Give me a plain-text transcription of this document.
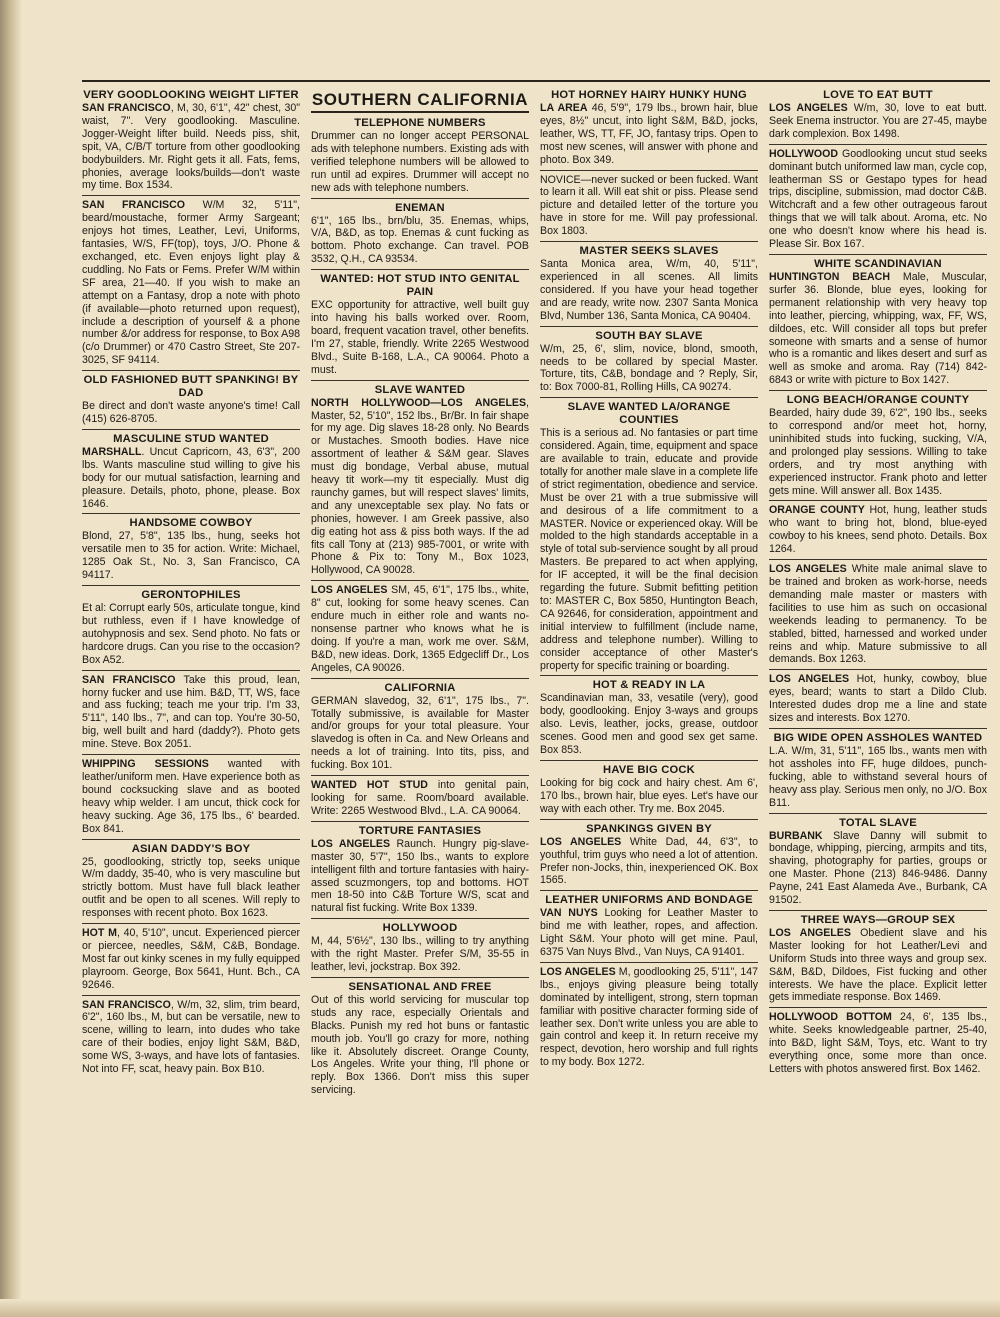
VERY GOODLOOKING WEIGHT LIFTER
SAN FRANCISCO, M, 30, 6'1", 42" chest, 30" waist, 7". Very goodlooking. Masculine. Jogger-Weight lifter build. Needs piss, shit, spit, VA, C/B/T torture from other goodlooking bodybuilders. Mr. Right gets it all. Fats, fems, phonies, average looks/builds—don't waste my time. Box 1534.
SAN FRANCISCO W/M 32, 5'11", beard/moustache, former Army Sargeant; enjoys hot times, Leather, Levi, Uniforms, fantasies, W/S, FF(top), toys, J/O. Phone & exchanged, etc. Even enjoys light play & cuddling. No Fats or Fems. Prefer W/M within SF area, 21—40. If you wish to make an attempt on a Fantasy, drop a note with photo (if available—photo returned upon request), include a description of yourself & a phone number &/or address for response, to Box A98 (c/o Drummer) or 470 Castro Street, Ste 207-3025, SF 94114.
OLD FASHIONED BUTT SPANKING! BY DAD
Be direct and don't waste anyone's time! Call (415) 626-8705.
MASCULINE STUD WANTED
MARSHALL. Uncut Capricorn, 43, 6'3", 200 lbs. Wants masculine stud willing to give his body for our mutual satisfaction, learning and pleasure. Details, photo, phone, please. Box 1646.
HANDSOME COWBOY
Blond, 27, 5'8", 135 lbs., hung, seeks hot versatile men to 35 for action. Write: Michael, 1285 Oak St., No. 3, San Francisco, CA 94117.
GERONTOPHILES
Et al: Corrupt early 50s, articulate tongue, kind but ruthless, even if I have knowledge of autohypnosis and sex. Send photo. No fats or hardcore drugs. Can you rise to the occasion? Box A52.
SAN FRANCISCO Take this proud, lean, horny fucker and use him. B&D, TT, WS, face and ass fucking; teach me your trip. I'm 33, 5'11", 140 lbs., 7", and can top. You're 30-50, big, well built and hard (daddy?). Photo gets mine. Steve. Box 2051.
WHIPPING SESSIONS wanted with leather/uniform men. Have experience both as bound cocksucking slave and as booted heavy whip welder. I am uncut, thick cock for heavy sucking. Age 36, 175 lbs., 6' bearded. Box 841.
ASIAN DADDY'S BOY
25, goodlooking, strictly top, seeks unique W/m daddy, 35-40, who is very masculine but strictly bottom. Must have full black leather outfit and be open to all scenes. Will reply to responses with recent photo. Box 1623.
HOT M, 40, 5'10", uncut. Experienced piercer or piercee, needles, S&M, C&B, Bondage. Most far out kinky scenes in my fully equipped playroom. George, Box 5641, Hunt. Bch., CA 92646.
SAN FRANCISCO, W/m, 32, slim, trim beard, 6'2", 160 lbs., M, but can be versatile, new to scene, willing to learn, into dudes who take care of their bodies, enjoy light S&M, B&D, some WS, 3-ways, and have lots of fantasies. Not into FF, scat, heavy pain. Box B10.
SOUTHERN CALIFORNIA
TELEPHONE NUMBERS
Drummer can no longer accept PERSONAL ads with telephone numbers. Existing ads with verified telephone numbers will be allowed to run until ad expires. Drummer will accept no new ads with telephone numbers.
ENEMAN
6'1", 165 lbs., brn/blu, 35. Enemas, whips, V/A, B&D, as top. Enemas & cunt fucking as bottom. Photo exchange. Can travel. POB 3532, Q.H., CA 93534.
WANTED: HOT STUD INTO GENITAL PAIN
EXC opportunity for attractive, well built guy into having his balls worked over. Room, board, frequent vacation travel, other benefits. I'm 27, stable, friendly. Write 2265 Westwood Blvd., Suite B-168, L.A., CA 90064. Photo a must.
SLAVE WANTED
NORTH HOLLYWOOD—LOS ANGELES, Master, 52, 5'10", 152 lbs., Br/Br. In fair shape for my age. Dig slaves 18-28 only. No Beards or Mustaches. Smooth bodies. Have nice assortment of leather & S&M gear. Slaves must dig bondage, Verbal abuse, mutual heavy tit work—my tit especially. Must dig raunchy games, but will respect slaves' limits, and any unexceptable sex play. No fats or phonies, however. I am Greek passive, also dig eating hot ass & piss both ways. If the ad fits call Tony at (213) 985-7001, or write with Phone & Pix to: Tony M., Box 1023, Hollywood, CA 90028.
LOS ANGELES SM, 45, 6'1", 175 lbs., white, 8" cut, looking for some heavy scenes. Can endure much in either role and wants no-nonsense partner who knows what he is doing. If you're a man, work me over. S&M, B&D, new ideas. Dork, 1365 Edgecliff Dr., Los Angeles, CA 90026.
CALIFORNIA
GERMAN slavedog, 32, 6'1", 175 lbs., 7". Totally submissive, is available for Master and/or groups for your total pleasure. Your slavedog is often in Ca. and New Orleans and needs a lot of training. Into tits, piss, and fucking. Box 101.
WANTED HOT STUD into genital pain, looking for same. Room/board available. Write: 2265 Westwood Blvd., L.A. CA 90064.
TORTURE FANTASIES
LOS ANGELES Raunch. Hungry pig-slave-master 30, 5'7", 150 lbs., wants to explore intelligent filth and torture fantasies with hairy-assed scuzmongers, top and bottoms. HOT men 18-50 into C&B Torture W/S, scat and natural fist fucking. Write Box 1339.
HOLLYWOOD
M, 44, 5'6½", 130 lbs., willing to try anything with the right Master. Prefer S/M, 35-55 in leather, levi, jockstrap. Box 392.
SENSATIONAL AND FREE
Out of this world servicing for muscular top studs any race, especially Orientals and Blacks. Punish my red hot buns or fantastic mouth job. You'll go crazy for more, nothing like it. Absolutely discreet. Orange County, Los Angeles. Write your thing, I'll phone or reply. Box 1366. Don't miss this super servicing.
HOT HORNEY HAIRY HUNKY HUNG
LA AREA 46, 5'9", 179 lbs., brown hair, blue eyes, 8½" uncut, into light S&M, B&D, jocks, leather, WS, TT, FF, JO, fantasy trips. Open to most new scenes, will answer with phone and photo. Box 349.
NOVICE—never sucked or been fucked. Want to learn it all. Will eat shit or piss. Please send picture and detailed letter of the torture you have in store for me. Will pay professional. Box 1803.
MASTER SEEKS SLAVES
Santa Monica area, W/m, 40, 5'11", experienced in all scenes. All limits considered. If you have your head together and are ready, write now. 2307 Santa Monica Blvd, Number 136, Santa Monica, CA 90404.
SOUTH BAY SLAVE
W/m, 25, 6', slim, novice, blond, smooth, needs to be collared by special Master. Torture, tits, C&B, bondage and ? Reply, Sir, to: Box 7000-81, Rolling Hills, CA 90274.
SLAVE WANTED LA/ORANGE COUNTIES
This is a serious ad. No fantasies or part time considered. Again, time, equipment and space are available to train, educate and provide totally for another male slave in a complete life of strict regimentation, obedience and service. Must be over 21 with a true submissive will and desirous of a life commitment to a MASTER. Novice or experienced okay. Will be molded to the high standards acceptable in a style of total sub-servience sought by all proud Masters. Be prepared to act when applying, for IF accepted, it will be the final decision regarding the future. Submit befitting petition to: MASTER C, Box 5850, Huntington Beach, CA 92646, for consideration, appointment and initial interview to fulfillment (include name, address and telephone number). Willing to consider acceptance of other Master's property for specific training or boarding.
HOT & READY IN LA
Scandinavian man, 33, vesatile (very), good body, goodlooking. Enjoy 3-ways and groups also. Levis, leather, jocks, grease, outdoor scenes. Good men and good sex get same. Box 853.
HAVE BIG COCK
Looking for big cock and hairy chest. Am 6', 170 lbs., brown hair, blue eyes. Let's have our way with each other. Try me. Box 2045.
SPANKINGS GIVEN BY
LOS ANGELES White Dad, 44, 6'3", to youthful, trim guys who need a lot of attention. Prefer non-Jocks, thin, inexperienced OK. Box 1565.
LEATHER UNIFORMS AND BONDAGE
VAN NUYS Looking for Leather Master to bind me with leather, ropes, and affection. Light S&M. Your photo will get mine. Paul, 6375 Van Nuys Blvd., Van Nuys, CA 91401.
LOS ANGELES M, goodlooking 25, 5'11", 147 lbs., enjoys giving pleasure being totally dominated by intelligent, strong, stern topman familiar with positive character forming side of leather sex. Don't write unless you are able to gain control and keep it. In return receive my respect, devotion, hero worship and full rights to my body. Box 1272.
LOVE TO EAT BUTT
LOS ANGELES W/m, 30, love to eat butt. Seek Enema instructor. You are 27-45, maybe dark complexion. Box 1498.
HOLLYWOOD Goodlooking uncut stud seeks dominant butch uniformed law man, cycle cop, leatherman SS or Gestapo types for head trips, discipline, submission, mad doctor C&B. Witchcraft and a few other outrageous farout things that we will talk about. Aroma, etc. No one who doesn't know where his head is. Please Sir. Box 167.
WHITE SCANDINAVIAN
HUNTINGTON BEACH Male, Muscular, surfer 36. Blonde, blue eyes, looking for permanent relationship with very heavy top into leather, piercing, whipping, wax, FF, WS, dildoes, etc. Will consider all tops but prefer someone with smarts and a sense of humor who is a romantic and likes desert and surf as well as smoke and aroma. Ray (714) 842-6843 or write with picture to Box 1427.
LONG BEACH/ORANGE COUNTY
Bearded, hairy dude 39, 6'2", 190 lbs., seeks to correspond and/or meet hot, horny, uninhibited studs into fucking, sucking, V/A, and prolonged play sessions. Willing to take orders, and try most anything with experienced instructor. Frank photo and letter gets mine. Will answer all. Box 1435.
ORANGE COUNTY Hot, hung, leather studs who want to bring hot, blond, blue-eyed cowboy to his knees, send photo. Details. Box 1264.
LOS ANGELES White male animal slave to be trained and broken as work-horse, needs demanding male master or masters with facilities to use him as such on occasional weekends leading to permanency. To be stabled, bitted, harnessed and worked under reins and whip. Mature submissive to all demands. Box 1263.
LOS ANGELES Hot, hunky, cowboy, blue eyes, beard; wants to start a Dildo Club. Interested dudes drop me a line and state sizes and interests. Box 1270.
BIG WIDE OPEN ASSHOLES WANTED
L.A. W/m, 31, 5'11", 165 lbs., wants men with hot assholes into FF, huge dildoes, punch-fucking, able to withstand several hours of heavy ass play. Serious men only, no J/O. Box B11.
TOTAL SLAVE
BURBANK Slave Danny will submit to bondage, whipping, piercing, armpits and tits, shaving, photography for parties, groups or one Master. Phone (213) 846-9486. Danny Payne, 241 East Alameda Ave., Burbank, CA 91502.
THREE WAYS—GROUP SEX
LOS ANGELES Obedient slave and his Master looking for hot Leather/Levi and Uniform Studs into three ways and group sex. S&M, B&D, Dildoes, Fist fucking and other interests. We have the place. Explicit letter gets immediate response. Box 1469.
HOLLYWOOD BOTTOM 24, 6', 135 lbs., white. Seeks knowledgeable partner, 25-40, into B&D, light S&M, Toys, etc. Want to try everything once, some more than once. Letters with photos answered first. Box 1462.
